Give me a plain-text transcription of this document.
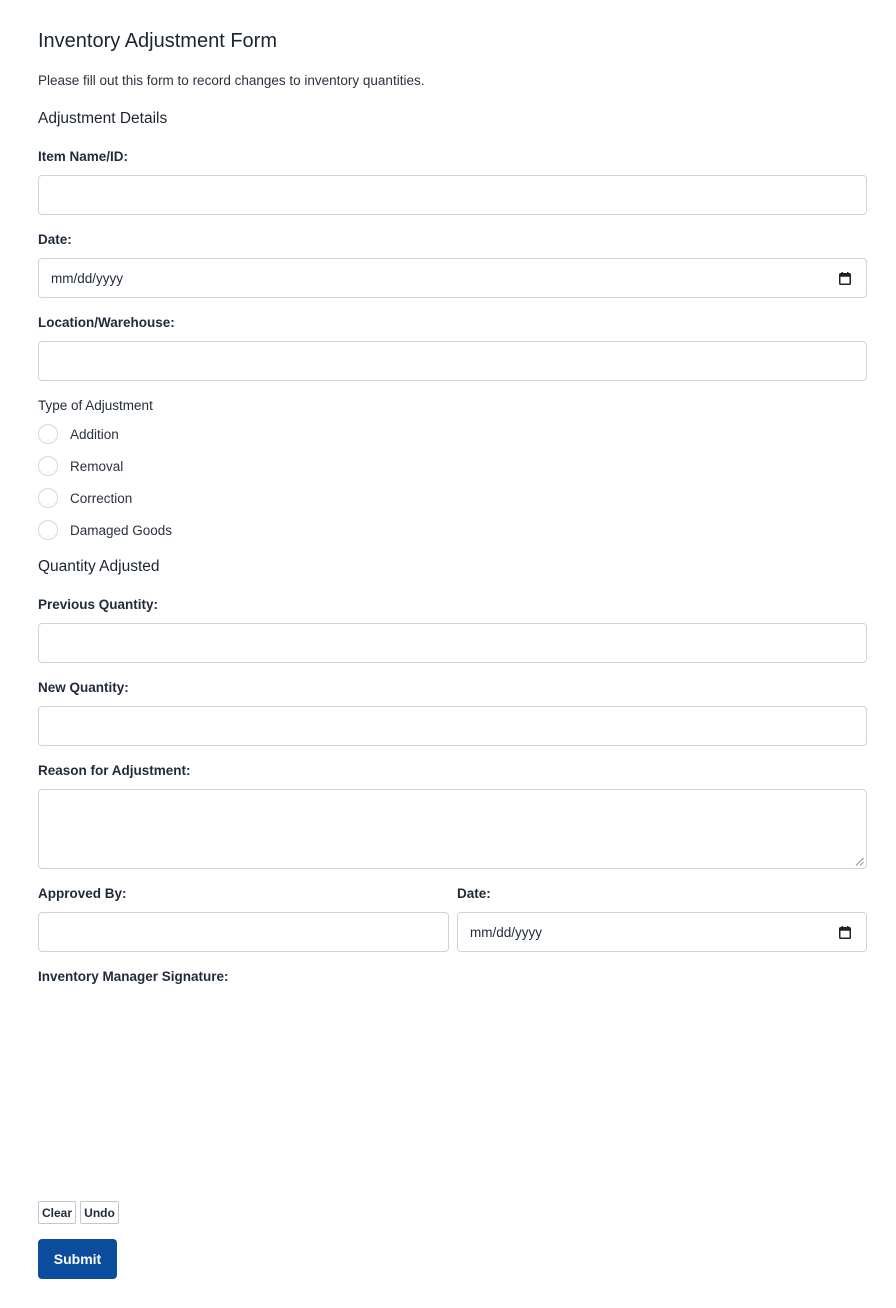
Inventory Adjustment Form
Please fill out this form to record changes to inventory quantities.
Adjustment Details
Item Name/ID:
Date:
mm/dd/yyyy
Location/Warehouse:
Type of Adjustment
Addition
Removal
Correction
Damaged Goods
Quantity Adjusted
Previous Quantity:
New Quantity:
Reason for Adjustment:
Approved By:	Date:
mm/dd/yyyy
Inventory Manager Signature:
Clear	Undo
Submit
